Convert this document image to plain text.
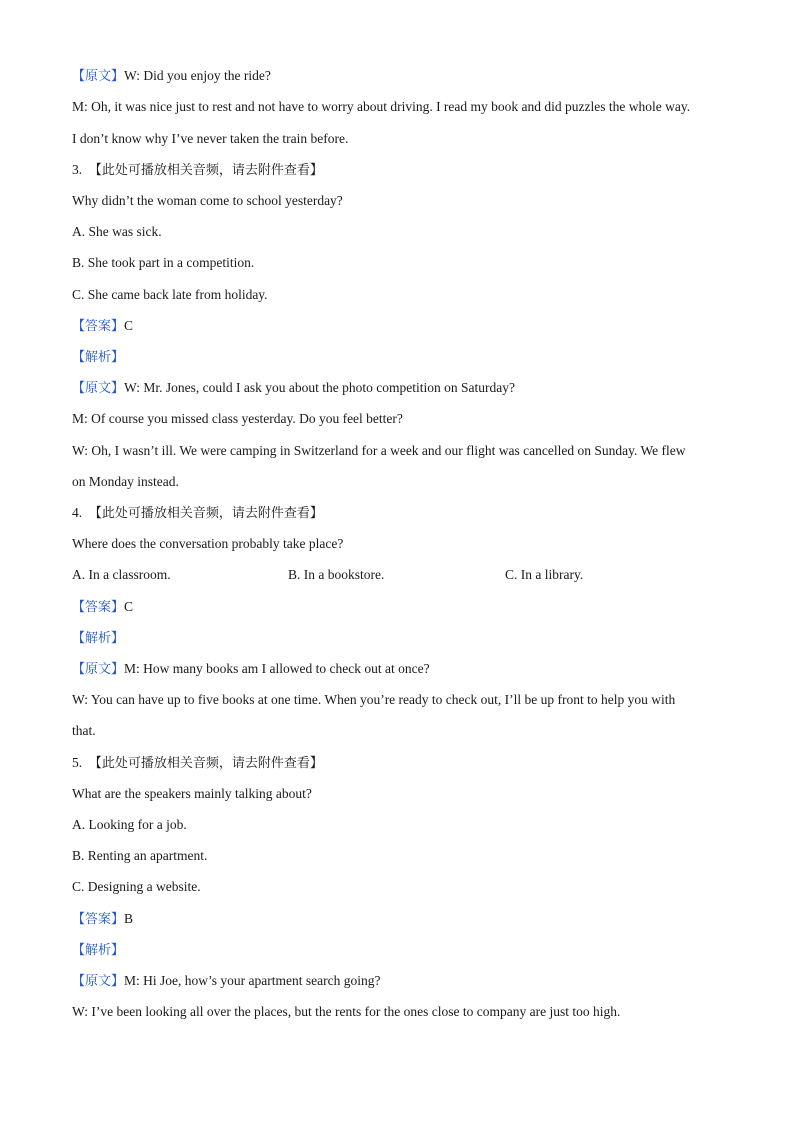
【原文】W: Did you enjoy the ride?
M: Oh, it was nice just to rest and not have to worry about driving. I read my book and did puzzles the whole way.
I don’t know why I’ve never taken the train before.
3. 【此处可播放相关音频，请去附件查看】
Why didn’t the woman come to school yesterday?
A. She was sick.
B. She took part in a competition.
C. She came back late from holiday.
【答案】C
【解析】
【原文】W: Mr. Jones, could I ask you about the photo competition on Saturday?
M: Of course you missed class yesterday. Do you feel better?
W: Oh, I wasn’t ill. We were camping in Switzerland for a week and our flight was cancelled on Sunday. We flew
on Monday instead.
4. 【此处可播放相关音频，请去附件查看】
Where does the conversation probably take place?
A. In a classroom.	B. In a bookstore.	C. In a library.
【答案】C
【解析】
【原文】M: How many books am I allowed to check out at once?
W: You can have up to five books at one time. When you’re ready to check out, I’ll be up front to help you with
that.
5. 【此处可播放相关音频，请去附件查看】
What are the speakers mainly talking about?
A. Looking for a job.
B. Renting an apartment.
C. Designing a website.
【答案】B
【解析】
【原文】M: Hi Joe, how’s your apartment search going?
W: I’ve been looking all over the places, but the rents for the ones close to company are just too high.
